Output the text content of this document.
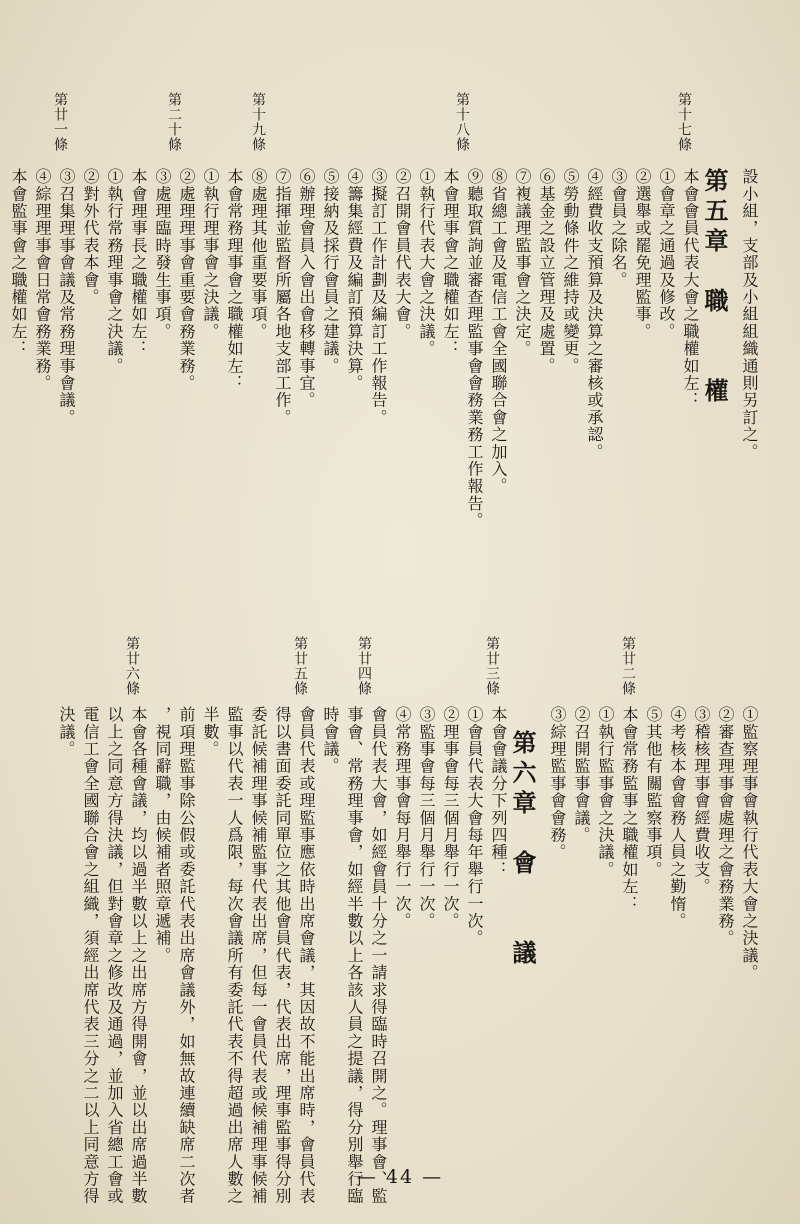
設小組，支部及小組組織通則另訂之。
第五章　職　　權
本會會員代表大會之職權如左：
①會章之通過及修改。
②選舉或罷免理監事。
③會員之除名。
④經費收支預算及決算之審核或承認。
⑤勞動條件之維持或變更。
⑥基金之設立管理及處置。
⑦複議理監事會之決定。
⑧省總工會及電信工會全國聯合會之加入。
⑨聽取質詢並審查理監事會會務業務工作報告。
本會理事會之職權如左：
①執行代表大會之決議。
②召開會員代表大會。
③擬訂工作計劃及編訂工作報告。
④籌集經費及編訂預算決算。
⑤接納及採行會員之建議。
⑥辦理會員入會出會移轉事宜。
⑦指揮並監督所屬各地支部工作。
⑧處理其他重要事項。
本會常務理事會之職權如左：
①執行理事會之決議。
②處理理事會重要會務業務。
③處理臨時發生事項。
本會理事長之職權如左：
①執行常務理事會之決議。
②對外代表本會。
③召集理事會議及常務理事會議。
④綜理理事會日常會務業務。
本會監事會之職權如左：
第十七條
第十八條
第十九條
第二十條
第廿一條
①監察理事會執行代表大會之決議。
②審查理事會處理之會務業務。
③稽核理事會經費收支。
④考核本會會務人員之勤惰。
⑤其他有關監察事項。
本會常務監事之職權如左：
①執行監事會之決議。
②召開監事會議。
③綜理監事會會務。
第六章　會　　議
本會會議分下列四種：
①會員代表大會每年舉行一次。
②理事會每三個月舉行一次。
③監事會每三個月舉行一次。
④常務理事會每月舉行一次。
會員代表大會，如經會員十分之一請求得臨時召開之。理事會、監
事會、常務理事會，如經半數以上各該人員之提議，得分別舉行臨
時會議。
會員代表或理監事應依時出席會議，其因故不能出席時，會員代表
得以書面委託同單位之其他會員代表，代表出席，理事監事得分別
委託候補理事候補監事代表出席，但每一會員代表或候補理事候補
監事以代表一人爲限，每次會議所有委託代表不得超過出席人數之
半數。
前項理監事除公假或委託代表出席會議外，如無故連續缺席二次者
，視同辭職，由候補者照章遞補。
本會各種會議，均以過半數以上之出席方得開會，並以出席過半數
以上之同意方得決議，但對會章之修改及通過，並加入省總工會或
電信工會全國聯合會之組織，須經出席代表三分之二以上同意方得
決議。
第廿二條
第廿三條
第廿四條
第廿五條
第廿六條
— 44 —
